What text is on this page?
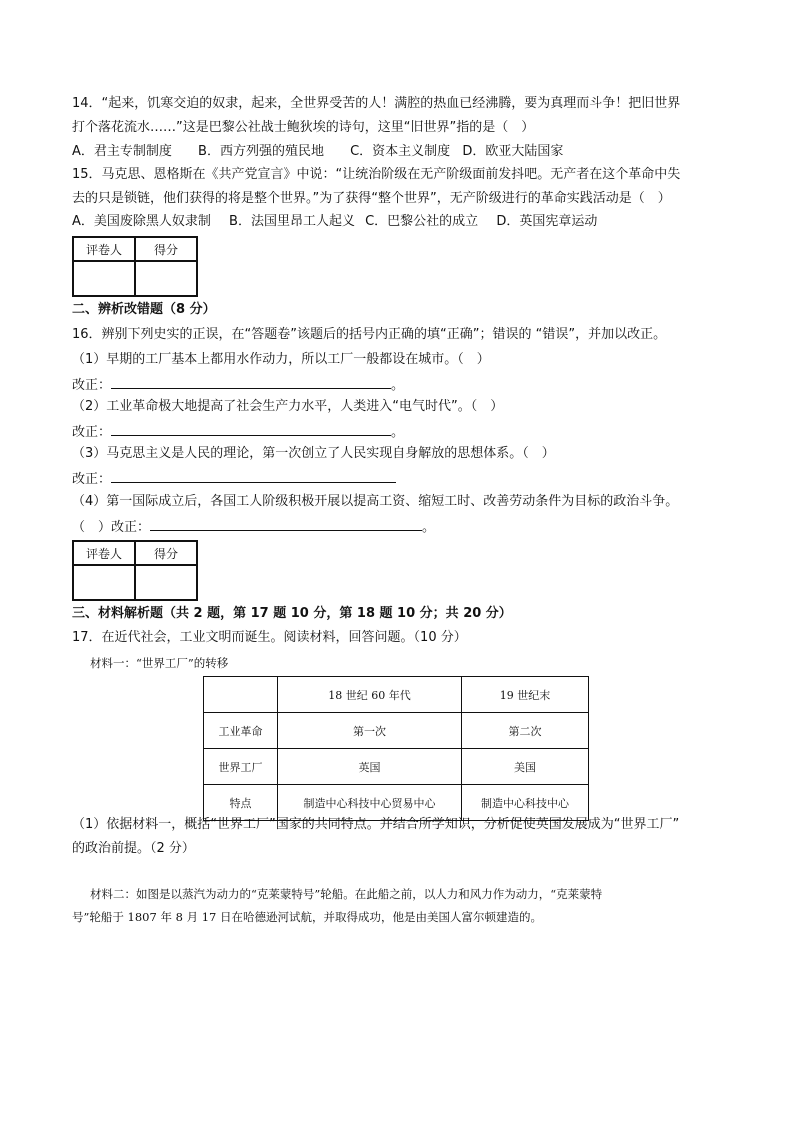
14．“起来，饥寒交迫的奴隶，起来，全世界受苦的人！满腔的热血已经沸腾，要为真理而斗争！把旧世界
打个落花流水……”这是巴黎公社战士鲍狄埃的诗句，这里“旧世界”指的是（　）
A．君主专制制度 B．西方列强的殖民地 C．资本主义制度 D．欧亚大陆国家
15．马克思、恩格斯在《共产党宣言》中说：“让统治阶级在无产阶级面前发抖吧。无产者在这个革命中失
去的只是锁链，他们获得的将是整个世界。”为了获得“整个世界”，无产阶级进行的革命实践活动是（　）
A．美国废除黑人奴隶制 B．法国里昂工人起义 C．巴黎公社的成立 D．英国宪章运动
评卷人	得分

二、辨析改错题（8 分）
16．辨别下列史实的正误，在“答题卷”该题后的括号内正确的填“正确”；错误的 “错误”，并加以改正。
（1）早期的工厂基本上都用水作动力，所以工厂一般都设在城市。（　）
改正：	。
（2）工业革命极大地提高了社会生产力水平，人类进入“电气时代”。（　）
改正：	。
（3）马克思主义是人民的理论，第一次创立了人民实现自身解放的思想体系。（　）
改正：
（4）第一国际成立后，各国工人阶级积极开展以提高工资、缩短工时、改善劳动条件为目标的政治斗争。
（　）改正：	。
评卷人	得分

三、材料解析题（共 2 题，第 17 题 10 分，第 18 题 10 分；共 20 分）
17．在近代社会，工业文明而诞生。阅读材料，回答问题。（10 分）
材料一：“世界工厂”的转移
	18 世纪 60 年代	19 世纪末
工业革命	第一次	第二次
世界工厂	英国	美国
特点	制造中心科技中心贸易中心	制造中心科技中心
（1）依据材料一，概括“世界工厂”国家的共同特点。并结合所学知识，分析促使英国发展成为“世界工厂”
的政治前提。（2 分）
材料二：如图是以蒸汽为动力的“克莱蒙特号”轮船。在此船之前，以人力和风力作为动力，“克莱蒙特
号”轮船于 1807 年 8 月 17 日在哈德逊河试航，并取得成功，他是由美国人富尔顿建造的。
